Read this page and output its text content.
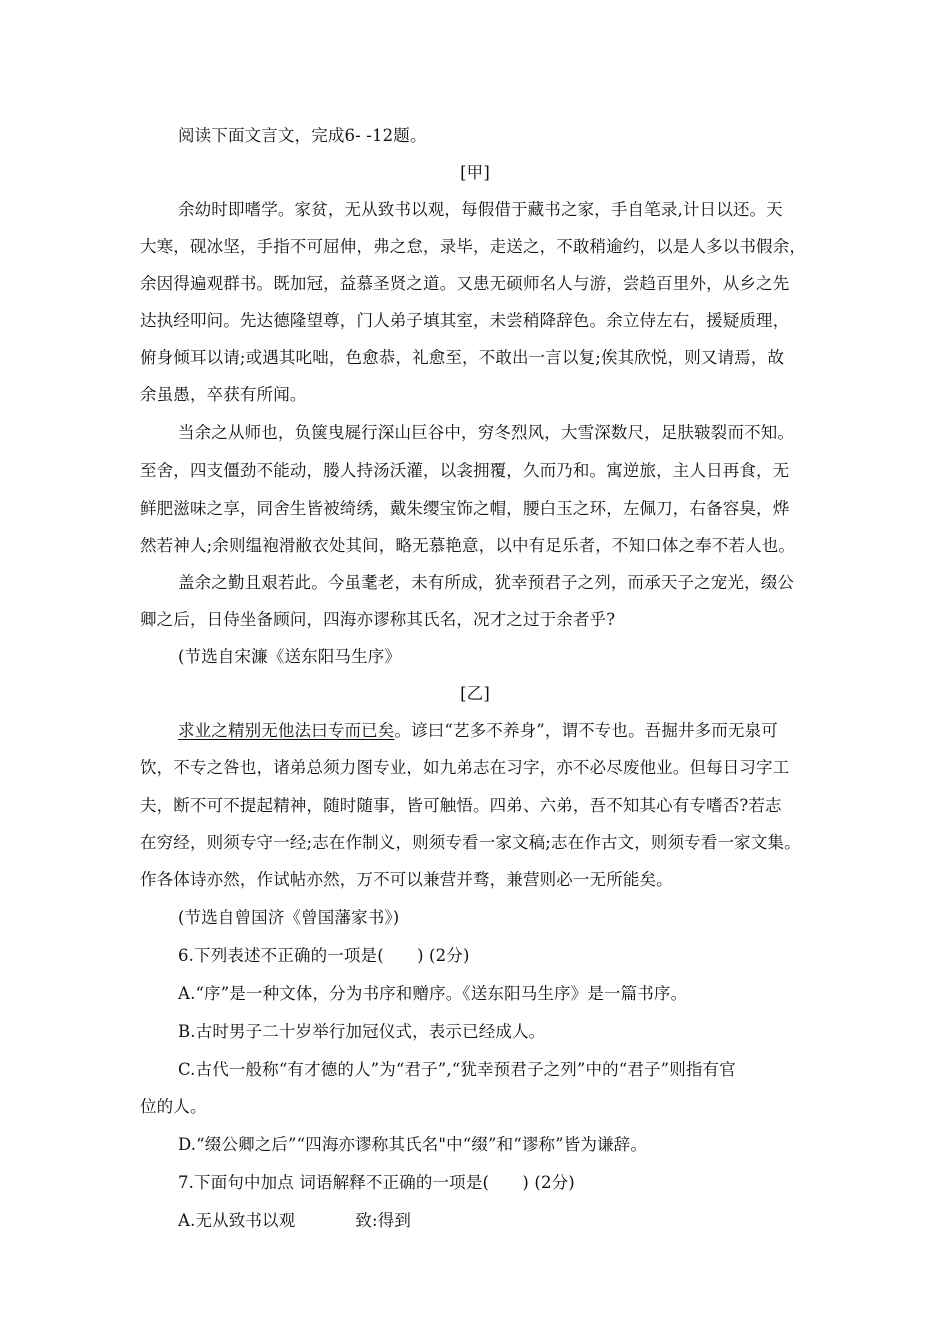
阅读下面文言文，完成6- -12题。
[甲]
余幼时即嗜学。家贫，无从致书以观，每假借于藏书之家，手自笔录,计日以还。天
大寒，砚冰坚，手指不可屈伸，弗之怠，录毕，走送之，不敢稍逾约，以是人多以书假余，
余因得遍观群书。既加冠，益慕圣贤之道。又患无硕师名人与游，尝趋百里外，从乡之先
达执经叩问。先达德隆望尊，门人弟子填其室，未尝稍降辞色。余立侍左右，援疑质理，
俯身倾耳以请;或遇其叱咄，色愈恭，礼愈至，不敢出一言以复;俟其欣悦，则又请焉，故
余虽愚，卒获有所闻。
当余之从师也，负箧曳屣行深山巨谷中，穷冬烈风，大雪深数尺，足肤皲裂而不知。
至舍，四支僵劲不能动，媵人持汤沃灌，以衾拥覆，久而乃和。寓逆旅，主人日再食，无
鲜肥滋味之享，同舍生皆被绮绣，戴朱缨宝饰之帽，腰白玉之环，左佩刀，右备容臭，烨
然若神人;余则缊袍滑敝衣处其间，略无慕艳意，以中有足乐者，不知口体之奉不若人也。
盖余之勤且艰若此。今虽耄老，未有所成，犹幸预君子之列，而承天子之宠光，缀公
卿之后，日侍坐备顾问，四海亦谬称其氏名，况才之过于余者乎?
(节选自宋濂《送东阳马生序》
[乙]
求业之精别无他法曰专而已矣。谚曰“艺多不养身”，谓不专也。吾掘井多而无泉可
饮，不专之咎也，诸弟总须力图专业，如九弟志在习字，亦不必尽废他业。但每日习字工
夫，断不可不提起精神，随时随事，皆可触悟。四弟、六弟，吾不知其心有专嗜否?若志
在穷经，则须专守一经;志在作制义，则须专看一家文稿;志在作古文，则须专看一家文集。
作各体诗亦然，作试帖亦然，万不可以兼营并骛，兼营则必一无所能矣。
(节选自曾国济《曾国藩家书》)
6.下列表述不正确的一项是(　　) (2分)
A.“序”是一种文体，分为书序和赠序。《送东阳马生序》是一篇书序。
B.古时男子二十岁举行加冠仪式，表示已经成人。
C.古代一般称“有才德的人”为“君子”,“犹幸预君子之列”中的“君子”则指有官
位的人。
D.“缀公卿之后”“四海亦谬称其氏名"中“缀”和“谬称”皆为谦辞。
7.下面句中加点 词语解释不正确的一项是(　　) (2分)
A.无从致书以观	致:得到
